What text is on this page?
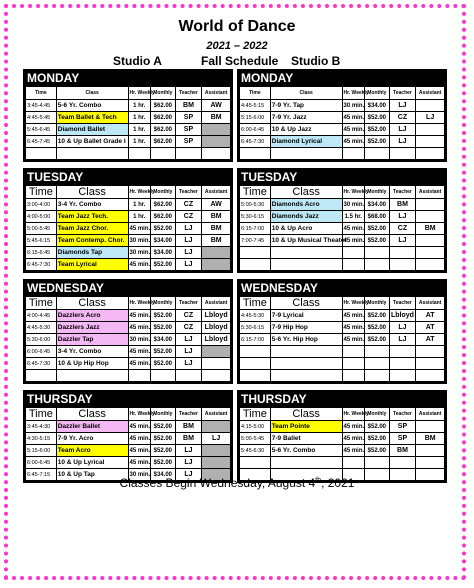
World of Dance
2021 – 2022
Studio A	Fall Schedule Studio B
MONDAY
Time	Class	Hr. Weekly	Monthly	Teacher	Assistant
3:45-4:45	5-6 Yr. Combo	1 hr.	$62.00	BM	AW
4:45-5:45	Team Ballet & Tech	1 hr.	$62.00	SP	BM
5:45-6:45	Diamond Ballet	1 hr.	$62.00	SP	
6:45-7:45	10 & Up Ballet Grade I	1 hr.	$62.00	SP	

MONDAY
Time	Class	Hr. Weekly	Monthly	Teacher	Assistant
4:45-5:15	7-9 Yr. Tap	30 min.	$34.00	LJ	
5:15-6:00	7-9 Yr. Jazz	45 min.	$52.00	CZ	LJ
6:00-6:45	10 & Up Jazz	45 min.	$52.00	LJ	
6:45-7:30	Diamond Lyrical	45 min.	$52.00	LJ	

TUESDAY
Time	Class	Hr. Weekly	Monthly	Teacher	Assistant
3:00-4:00	3-4 Yr. Combo	1 hr.	$62.00	CZ	AW
4:00-5:00	Team Jazz Tech.	1 hr.	$62.00	CZ	BM
5:00-5:45	Team Jazz Chor.	45 min.	$52.00	LJ	BM
5:45-6:15	Team Contemp. Chor.	30 min.	$34.00	LJ	BM
6:15-6:45	Diamonds Tap	30 min.	$34.00	LJ	
6:45-7:30	Team Lyrical	45 min.	$52.00	LJ	
TUESDAY
Time	Class	Hr. Weekly	Monthly	Teacher	Assistant
5:00-5:30	Diamonds Acro	30 min.	$34.00	BM	
5:30-6:15	Diamonds Jazz	1.5 hr.	$68.00	LJ	
6:15-7:00	10 & Up Acro	45 min.	$52.00	CZ	BM
7:00-7:45	10 & Up Musical Theater	45 min.	$52.00	LJ	

WEDNESDAY
Time	Class	Hr. Weekly	Monthly	Teacher	Assistant
4:00-4:45	Dazzlers Acro	45 min.	$52.00	CZ	Lbloyd
4:45-5:30	Dazzlers Jazz	45 min.	$52.00	CZ	Lbloyd
5:30-6:00	Dazzler Tap	30 min.	$34.00	LJ	Lbloyd
6:00-6:45	3-4 Yr. Combo	45 min.	$52.00	LJ	
6:45-7:30	10 & Up Hip Hop	45 min.	$52.00	LJ	

WEDNESDAY
Time	Class	Hr. Weekly	Monthly	Teacher	Assistant
4:45-5:30	7-9 Lyrical	45 min.	$52.00	Lbloyd	AT
5:30-6:15	7-9 Hip Hop	45 min.	$52.00	LJ	AT
6:15-7:00	5-6 Yr. Hip Hop	45 min.	$52.00	LJ	AT

THURSDAY
Time	Class	Hr. Weekly	Monthly	Teacher	Assistant
3:45-4:30	Dazzler Ballet	45 min.	$52.00	BM	
4:30-5:15	7-9 Yr. Acro	45 min.	$52.00	BM	LJ
5:15-6:00	Team Acro	45 min.	$52.00	LJ	
6:00-6:45	10 & Up Lyrical	45 min.	$52.00	LJ	
6:45-7:15	10 & Up Tap	30 min.	$34.00	LJ	
THURSDAY
Time	Class	Hr. Weekly	Monthly	Teacher	Assistant
4:15-5:00	Team Pointe	45 min.	$52.00	SP	
5:00-5:45	7-9 Ballet	45 min.	$52.00	SP	BM
5:45-6:30	5-6 Yr. Combo	45 min.	$52.00	BM	

Classes Begin Wednesday, August 4th, 2021
